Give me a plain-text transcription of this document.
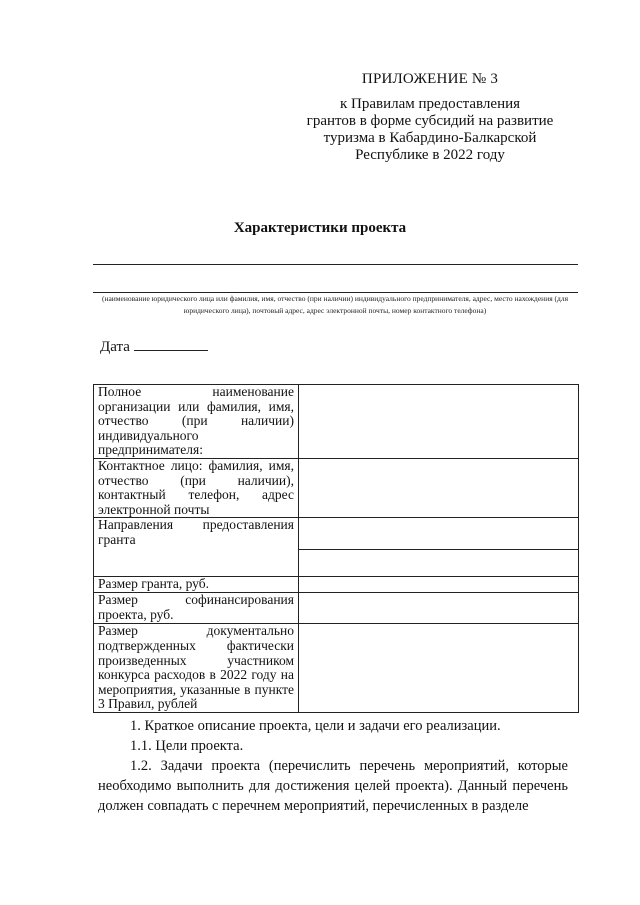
ПРИЛОЖЕНИЕ № 3
к Правилам предоставления
грантов в форме субсидий на развитие
туризма в Кабардино-Балкарской
Республике в 2022 году
Характеристики проекта
(наименование юридического лица или фамилия, имя, отчество (при наличии) индивидуального предпринимателя, адрес, место нахождения (для юридического лица), почтовый адрес, адрес электронной почты, номер контактного телефона)
Дата
Полное наименование организации или фамилия, имя, отчество (при наличии) индивидуального предпринимателя:	
Контактное лицо: фамилия, имя, отчество (при наличии), контактный телефон, адрес электронной почты	
Направления предоставления гранта	

Размер гранта, руб.	
Размер софинансирования проекта, руб.	
Размер документально подтвержденных фактически произведенных участником конкурса расходов в 2022 году на мероприятия, указанные в пункте 3 Правил, рублей	

1. Краткое описание проекта, цели и задачи его реализации.

1.1. Цели проекта.

1.2. Задачи проекта (перечислить перечень мероприятий, которые необходимо выполнить для достижения целей проекта). Данный перечень должен совпадать с перечнем мероприятий, перечисленных в разделе
